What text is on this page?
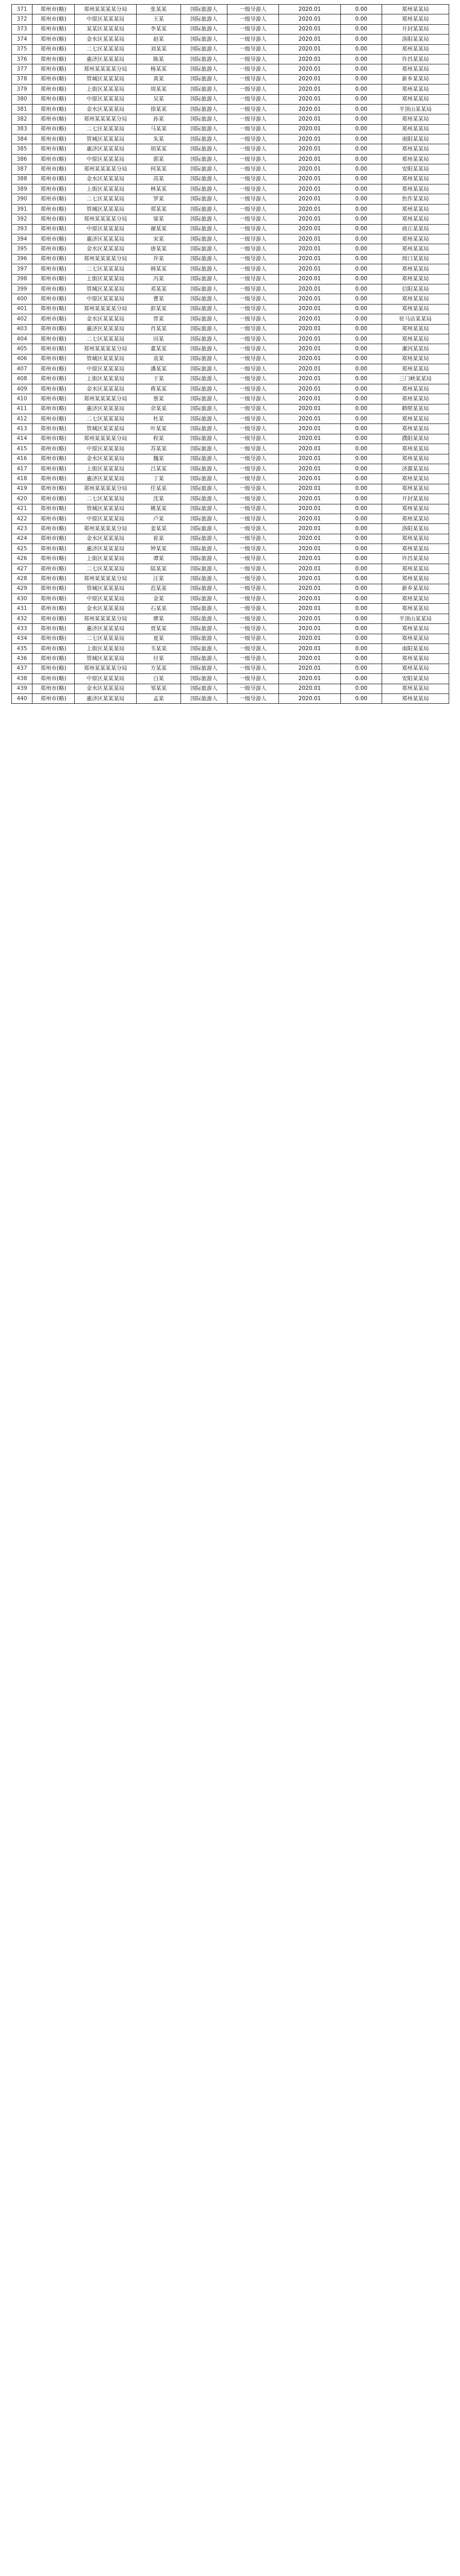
371	郑州市(略)	郑州某某某某分局	张某某	国际旅游人	一级导游人	2020.01	0.00	郑州某某局
372	郑州市(略)	中原区某某某局	王某	国际旅游人	一级导游人	2020.01	0.00	郑州某某局
373	郑州市(略)	某某区某某某局	李某某	国际旅游人	一级导游人	2020.01	0.00	开封某某局
374	郑州市(略)	金水区某某某局	赵某	国际旅游人	一级导游人	2020.01	0.00	洛阳某某局
375	郑州市(略)	二七区某某某局	刘某某	国际旅游人	一级导游人	2020.01	0.00	郑州某某局
376	郑州市(略)	惠济区某某某局	陈某	国际旅游人	一级导游人	2020.01	0.00	许昌某某局
377	郑州市(略)	郑州某某某某分局	杨某某	国际旅游人	一级导游人	2020.01	0.00	郑州某某局
378	郑州市(略)	管城区某某某局	黄某	国际旅游人	一级导游人	2020.01	0.00	新乡某某局
379	郑州市(略)	上街区某某某局	周某某	国际旅游人	一级导游人	2020.01	0.00	郑州某某局
380	郑州市(略)	中原区某某某局	吴某	国际旅游人	一级导游人	2020.01	0.00	郑州某某局
381	郑州市(略)	金水区某某某局	徐某某	国际旅游人	一级导游人	2020.01	0.00	平顶山某某局
382	郑州市(略)	郑州某某某某分局	孙某	国际旅游人	一级导游人	2020.01	0.00	郑州某某局
383	郑州市(略)	二七区某某某局	马某某	国际旅游人	一级导游人	2020.01	0.00	郑州某某局
384	郑州市(略)	管城区某某某局	朱某	国际旅游人	一级导游人	2020.01	0.00	南阳某某局
385	郑州市(略)	惠济区某某某局	胡某某	国际旅游人	一级导游人	2020.01	0.00	郑州某某局
386	郑州市(略)	中原区某某某局	郭某	国际旅游人	一级导游人	2020.01	0.00	郑州某某局
387	郑州市(略)	郑州某某某某分局	何某某	国际旅游人	一级导游人	2020.01	0.00	安阳某某局
388	郑州市(略)	金水区某某某局	高某	国际旅游人	一级导游人	2020.01	0.00	郑州某某局
389	郑州市(略)	上街区某某某局	林某某	国际旅游人	一级导游人	2020.01	0.00	郑州某某局
390	郑州市(略)	二七区某某某局	罗某	国际旅游人	一级导游人	2020.01	0.00	焦作某某局
391	郑州市(略)	管城区某某某局	郑某某	国际旅游人	一级导游人	2020.01	0.00	郑州某某局
392	郑州市(略)	郑州某某某某分局	梁某	国际旅游人	一级导游人	2020.01	0.00	郑州某某局
393	郑州市(略)	中原区某某某局	谢某某	国际旅游人	一级导游人	2020.01	0.00	商丘某某局
394	郑州市(略)	惠济区某某某局	宋某	国际旅游人	一级导游人	2020.01	0.00	郑州某某局
395	郑州市(略)	金水区某某某局	唐某某	国际旅游人	一级导游人	2020.01	0.00	郑州某某局
396	郑州市(略)	郑州某某某某分局	许某	国际旅游人	一级导游人	2020.01	0.00	周口某某局
397	郑州市(略)	二七区某某某局	韩某某	国际旅游人	一级导游人	2020.01	0.00	郑州某某局
398	郑州市(略)	上街区某某某局	冯某	国际旅游人	一级导游人	2020.01	0.00	郑州某某局
399	郑州市(略)	管城区某某某局	邓某某	国际旅游人	一级导游人	2020.01	0.00	信阳某某局
400	郑州市(略)	中原区某某某局	曹某	国际旅游人	一级导游人	2020.01	0.00	郑州某某局
401	郑州市(略)	郑州某某某某分局	彭某某	国际旅游人	一级导游人	2020.01	0.00	郑州某某局
402	郑州市(略)	金水区某某某局	曾某	国际旅游人	一级导游人	2020.01	0.00	驻马店某某局
403	郑州市(略)	惠济区某某某局	肖某某	国际旅游人	一级导游人	2020.01	0.00	郑州某某局
404	郑州市(略)	二七区某某某局	田某	国际旅游人	一级导游人	2020.01	0.00	郑州某某局
405	郑州市(略)	郑州某某某某分局	董某某	国际旅游人	一级导游人	2020.01	0.00	漯河某某局
406	郑州市(略)	管城区某某某局	袁某	国际旅游人	一级导游人	2020.01	0.00	郑州某某局
407	郑州市(略)	中原区某某某局	潘某某	国际旅游人	一级导游人	2020.01	0.00	郑州某某局
408	郑州市(略)	上街区某某某局	于某	国际旅游人	一级导游人	2020.01	0.00	三门峡某某局
409	郑州市(略)	金水区某某某局	蒋某某	国际旅游人	一级导游人	2020.01	0.00	郑州某某局
410	郑州市(略)	郑州某某某某分局	蔡某	国际旅游人	一级导游人	2020.01	0.00	郑州某某局
411	郑州市(略)	惠济区某某某局	余某某	国际旅游人	一级导游人	2020.01	0.00	鹤壁某某局
412	郑州市(略)	二七区某某某局	杜某	国际旅游人	一级导游人	2020.01	0.00	郑州某某局
413	郑州市(略)	管城区某某某局	叶某某	国际旅游人	一级导游人	2020.01	0.00	郑州某某局
414	郑州市(略)	郑州某某某某分局	程某	国际旅游人	一级导游人	2020.01	0.00	濮阳某某局
415	郑州市(略)	中原区某某某局	苏某某	国际旅游人	一级导游人	2020.01	0.00	郑州某某局
416	郑州市(略)	金水区某某某局	魏某	国际旅游人	一级导游人	2020.01	0.00	郑州某某局
417	郑州市(略)	上街区某某某局	吕某某	国际旅游人	一级导游人	2020.01	0.00	济源某某局
418	郑州市(略)	惠济区某某某局	丁某	国际旅游人	一级导游人	2020.01	0.00	郑州某某局
419	郑州市(略)	郑州某某某某分局	任某某	国际旅游人	一级导游人	2020.01	0.00	郑州某某局
420	郑州市(略)	二七区某某某局	沈某	国际旅游人	一级导游人	2020.01	0.00	开封某某局
421	郑州市(略)	管城区某某某局	姚某某	国际旅游人	一级导游人	2020.01	0.00	郑州某某局
422	郑州市(略)	中原区某某某局	卢某	国际旅游人	一级导游人	2020.01	0.00	郑州某某局
423	郑州市(略)	郑州某某某某分局	姜某某	国际旅游人	一级导游人	2020.01	0.00	洛阳某某局
424	郑州市(略)	金水区某某某局	崔某	国际旅游人	一级导游人	2020.01	0.00	郑州某某局
425	郑州市(略)	惠济区某某某局	钟某某	国际旅游人	一级导游人	2020.01	0.00	郑州某某局
426	郑州市(略)	上街区某某某局	谭某	国际旅游人	一级导游人	2020.01	0.00	许昌某某局
427	郑州市(略)	二七区某某某局	陆某某	国际旅游人	一级导游人	2020.01	0.00	郑州某某局
428	郑州市(略)	郑州某某某某分局	汪某	国际旅游人	一级导游人	2020.01	0.00	郑州某某局
429	郑州市(略)	管城区某某某局	范某某	国际旅游人	一级导游人	2020.01	0.00	新乡某某局
430	郑州市(略)	中原区某某某局	金某	国际旅游人	一级导游人	2020.01	0.00	郑州某某局
431	郑州市(略)	金水区某某某局	石某某	国际旅游人	一级导游人	2020.01	0.00	郑州某某局
432	郑州市(略)	郑州某某某某分局	廖某	国际旅游人	一级导游人	2020.01	0.00	平顶山某某局
433	郑州市(略)	惠济区某某某局	贾某某	国际旅游人	一级导游人	2020.01	0.00	郑州某某局
434	郑州市(略)	二七区某某某局	夏某	国际旅游人	一级导游人	2020.01	0.00	郑州某某局
435	郑州市(略)	上街区某某某局	韦某某	国际旅游人	一级导游人	2020.01	0.00	南阳某某局
436	郑州市(略)	管城区某某某局	付某	国际旅游人	一级导游人	2020.01	0.00	郑州某某局
437	郑州市(略)	郑州某某某某分局	方某某	国际旅游人	一级导游人	2020.01	0.00	郑州某某局
438	郑州市(略)	中原区某某某局	白某	国际旅游人	一级导游人	2020.01	0.00	安阳某某局
439	郑州市(略)	金水区某某某局	邹某某	国际旅游人	一级导游人	2020.01	0.00	郑州某某局
440	郑州市(略)	惠济区某某某局	孟某	国际旅游人	一级导游人	2020.01	0.00	郑州某某局
